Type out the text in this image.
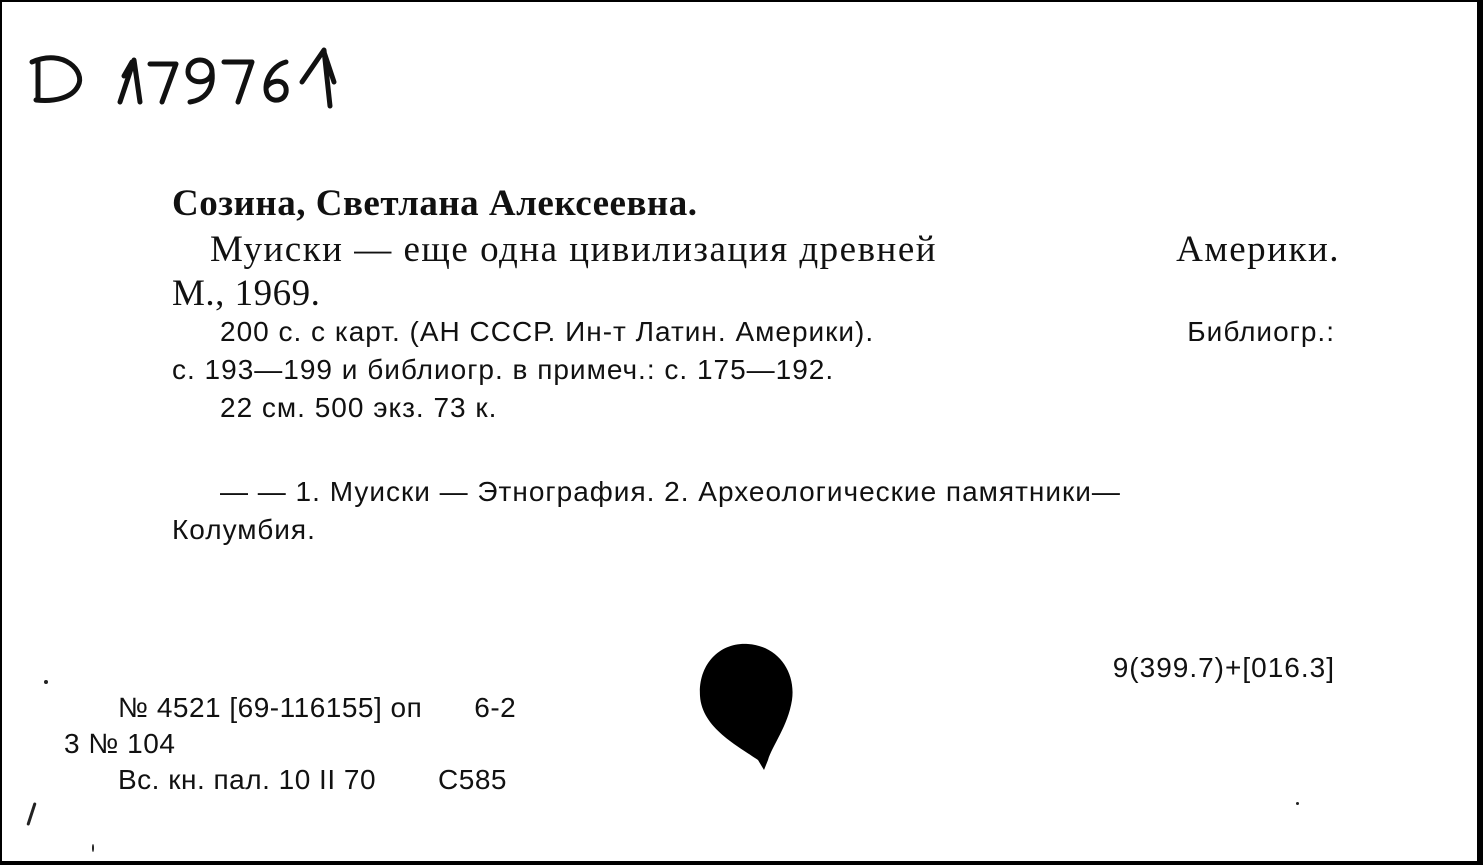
Созина, Светлана Алексеевна.
Муиски — еще одна цивилизация древней	Америки.
М., 1969.
200 с. с карт. (АН СССР. Ин-т Латин. Америки).	Библиогр.:
с. 193—199 и библиогр. в примеч.: с. 175—192.
22 см. 500 экз. 73 к.
— — 1. Муиски — Этнография. 2. Археологические памятники—
Колумбия.
9(399.7)+[016.3]
№ 4521 [69-116155] оп 6-2
3 № 104
Вс. кн. пал. 10 II 70 С585
